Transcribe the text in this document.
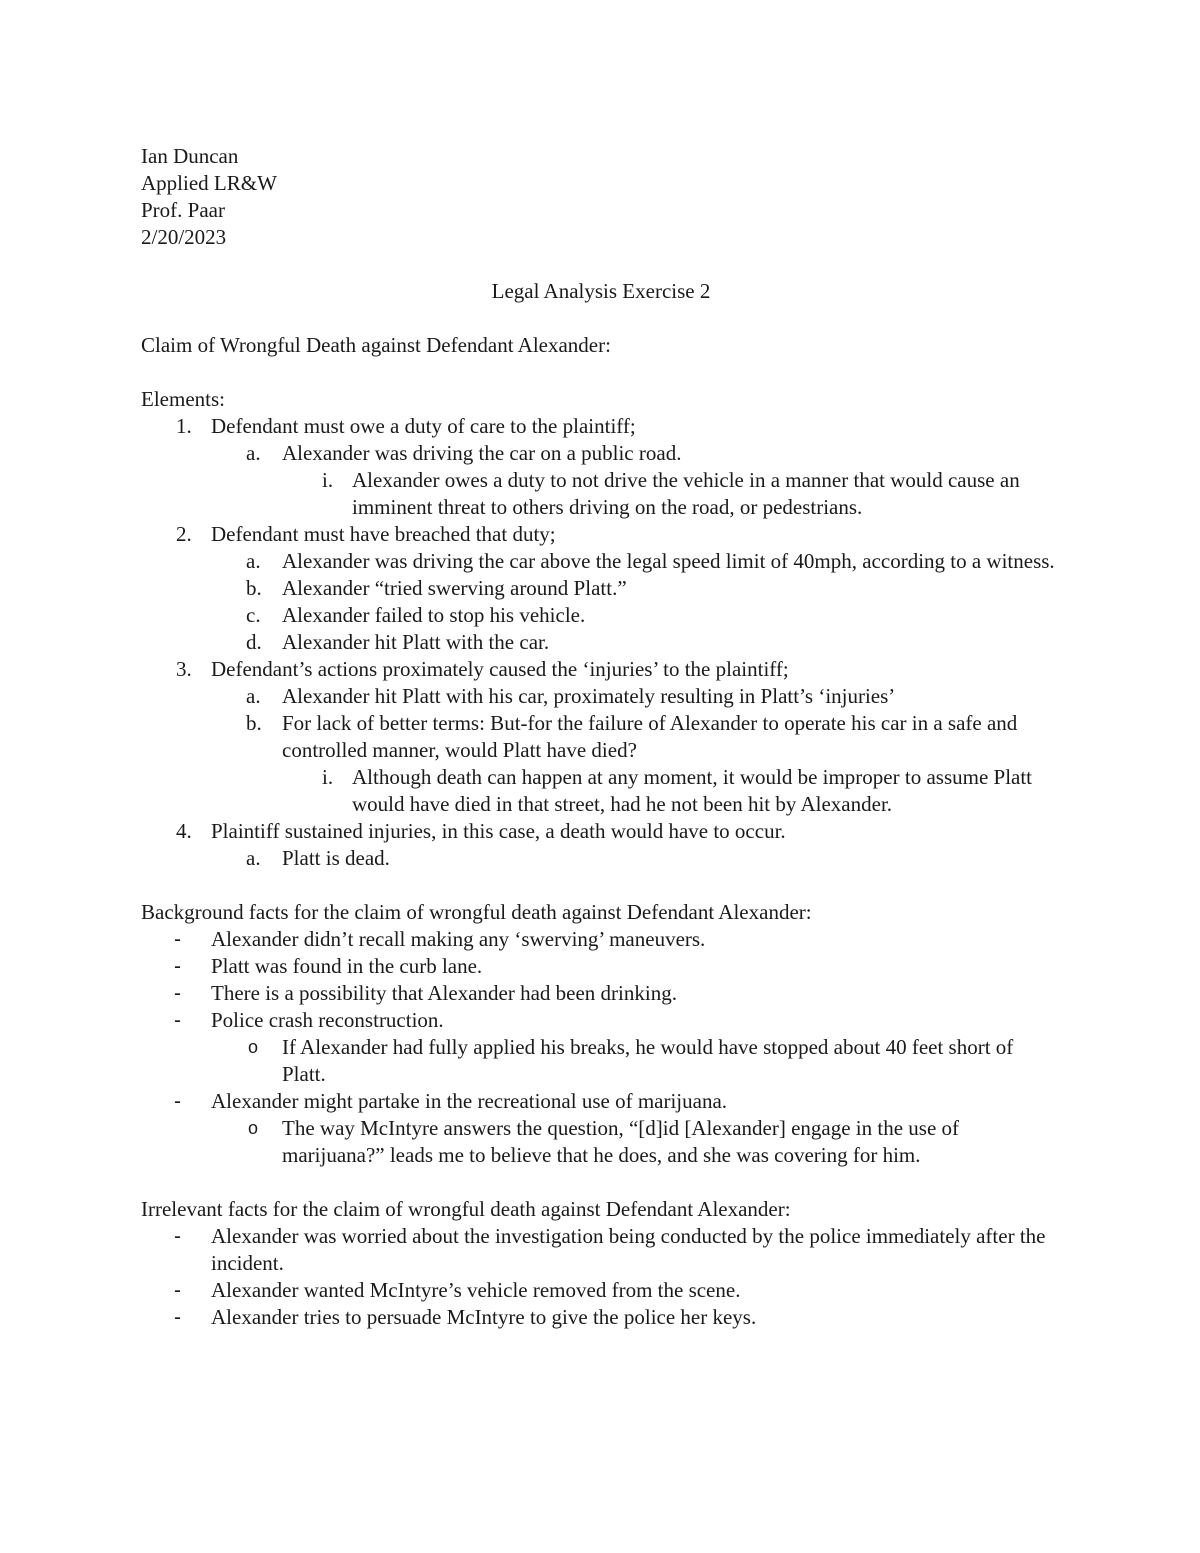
Ian Duncan

Applied LR&W

Prof. Paar

2/20/2023

Legal Analysis Exercise 2

Claim of Wrongful Death against Defendant Alexander:

Elements:

1. Defendant must owe a duty of care to the plaintiff;
a. Alexander was driving the car on a public road.
i. Alexander owes a duty to not drive the vehicle in a manner that would cause an imminent threat to others driving on the road, or pedestrians.
2. Defendant must have breached that duty;
a. Alexander was driving the car above the legal speed limit of 40mph, according to a witness.
b. Alexander “tried swerving around Platt.”
c. Alexander failed to stop his vehicle.
d. Alexander hit Platt with the car.
3. Defendant’s actions proximately caused the ‘injuries’ to the plaintiff;
a. Alexander hit Platt with his car, proximately resulting in Platt’s ‘injuries’
b. For lack of better terms: But-for the failure of Alexander to operate his car in a safe and controlled manner, would Platt have died?
i. Although death can happen at any moment, it would be improper to assume Platt would have died in that street, had he not been hit by Alexander.
4. Plaintiff sustained injuries, in this case, a death would have to occur.
a. Platt is dead.

Background facts for the claim of wrongful death against Defendant Alexander:

- Alexander didn’t recall making any ‘swerving’ maneuvers.
- Platt was found in the curb lane.
- There is a possibility that Alexander had been drinking.
- Police crash reconstruction.
o If Alexander had fully applied his breaks, he would have stopped about 40 feet short of Platt.
- Alexander might partake in the recreational use of marijuana.
o The way McIntyre answers the question, “[d]id [Alexander] engage in the use of marijuana?” leads me to believe that he does, and she was covering for him.

Irrelevant facts for the claim of wrongful death against Defendant Alexander:

- Alexander was worried about the investigation being conducted by the police immediately after the incident.
- Alexander wanted McIntyre’s vehicle removed from the scene.
- Alexander tries to persuade McIntyre to give the police her keys.
